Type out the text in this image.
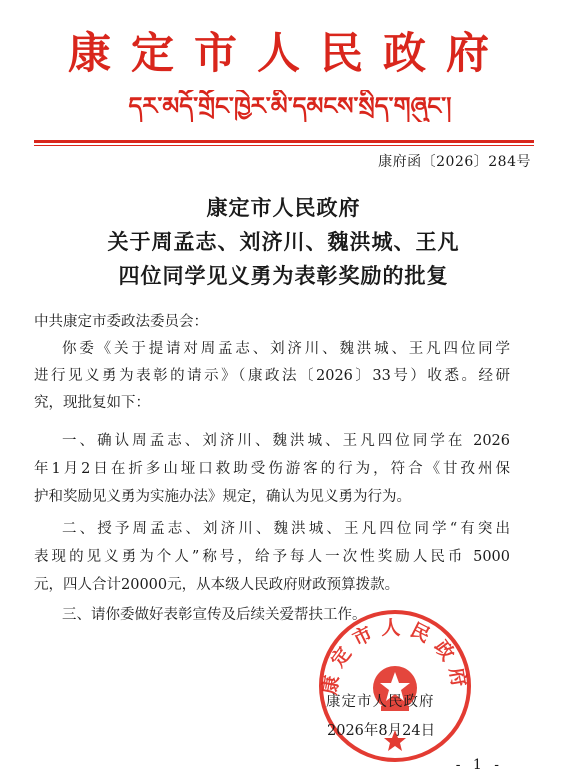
康定市人民政府
དར་མདོ་གྲོང་ཁྱེར་མི་དམངས་སྲིད་གཞུང་།
康府函〔2026〕284号
康定市人民政府
关于周孟志、刘济川、魏洪城、王凡
四位同学见义勇为表彰奖励的批复
中共康定市委政法委员会：
你委《关于提请对周孟志、刘济川、魏洪城、王凡四位同学
进行见义勇为表彰的请示》（康政法〔2026〕33号）收悉。经研
究，现批复如下：
一、确认周孟志、刘济川、魏洪城、王凡四位同学在 2026
年1月2日在折多山垭口救助受伤游客的行为，符合《甘孜州保
护和奖励见义勇为实施办法》规定，确认为见义勇为行为。
二、授予周孟志、刘济川、魏洪城、王凡四位同学“有突出
表现的见义勇为个人”称号，给予每人一次性奖励人民币 5000
元，四人合计20000元，从本级人民政府财政预算拨款。
三、请你委做好表彰宣传及后续关爱帮扶工作。
康定市人民政府
康定市人民政府
2026年8月24日
- 1 -
